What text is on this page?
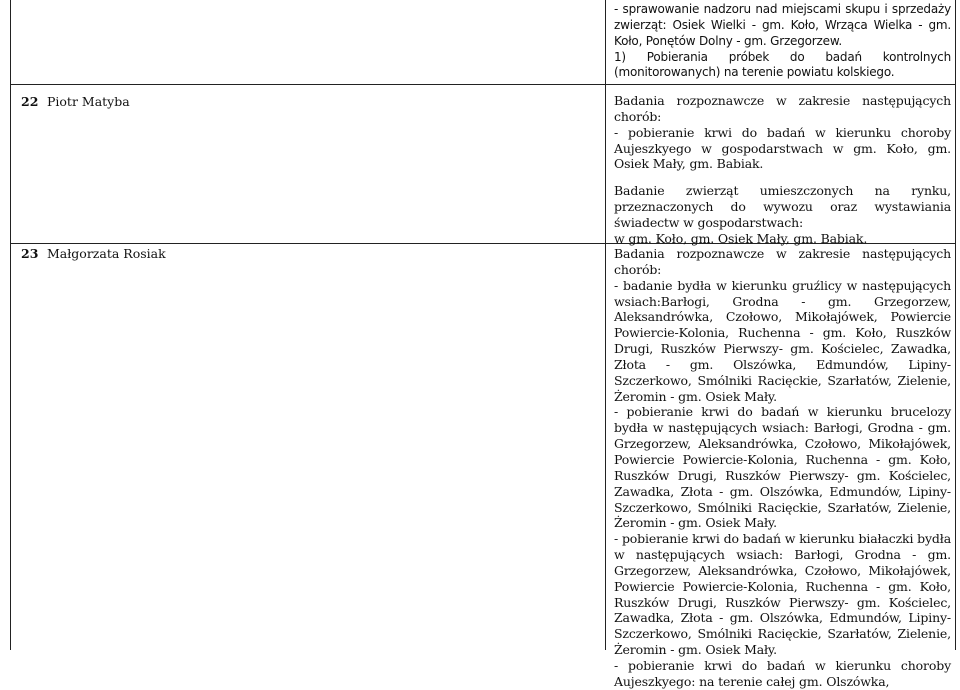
- sprawowanie nadzoru nad miejscami skupu i sprzedaży zwierząt: Osiek Wielki - gm. Koło, Wrząca Wielka - gm. Koło, Ponętów Dolny - gm. Grzegorzew.
1) Pobierania próbek do badań kontrolnych (monitorowanych) na terenie powiatu kolskiego.
22 Piotr Matyba	Badania rozpoznawcze w zakresie następujących chorób:
- pobieranie krwi do badań w kierunku choroby Aujeszkyego w gospodarstwach w gm. Koło, gm. Osiek Mały, gm. Babiak.
Badanie zwierząt umieszczonych na rynku, przeznaczonych do wywozu oraz wystawiania świadectw w gospodarstwach:
w gm. Koło, gm. Osiek Mały, gm. Babiak.
23 Małgorzata Rosiak	Badania rozpoznawcze w zakresie następujących chorób:
- badanie bydła w kierunku gruźlicy w następujących wsiach:Barłogi, Grodna - gm. Grzegorzew, Aleksandrówka, Czołowo, Mikołajówek, Powiercie Powiercie-Kolonia, Ruchenna - gm. Koło, Ruszków Drugi, Ruszków Pierwszy- gm. Kościelec, Zawadka, Złota - gm. Olszówka, Edmundów, Lipiny- Szczerkowo, Smólniki Racięckie, Szarłatów, Zielenie, Żeromin - gm. Osiek Mały.
- pobieranie krwi do badań w kierunku brucelozy bydła w następujących wsiach: Barłogi, Grodna - gm. Grzegorzew, Aleksandrówka, Czołowo, Mikołajówek, Powiercie Powiercie-Kolonia, Ruchenna - gm. Koło, Ruszków Drugi, Ruszków Pierwszy- gm. Kościelec, Zawadka, Złota - gm. Olszówka, Edmundów, Lipiny- Szczerkowo, Smólniki Racięckie, Szarłatów, Zielenie, Żeromin - gm. Osiek Mały.
- pobieranie krwi do badań w kierunku białaczki bydła w następujących wsiach: Barłogi, Grodna - gm. Grzegorzew, Aleksandrówka, Czołowo, Mikołajówek, Powiercie Powiercie-Kolonia, Ruchenna - gm. Koło, Ruszków Drugi, Ruszków Pierwszy- gm. Kościelec, Zawadka, Złota - gm. Olszówka, Edmundów, Lipiny- Szczerkowo, Smólniki Racięckie, Szarłatów, Zielenie, Żeromin - gm. Osiek Mały.
- pobieranie krwi do badań w kierunku choroby Aujeszkyego: na terenie całej gm. Olszówka,
